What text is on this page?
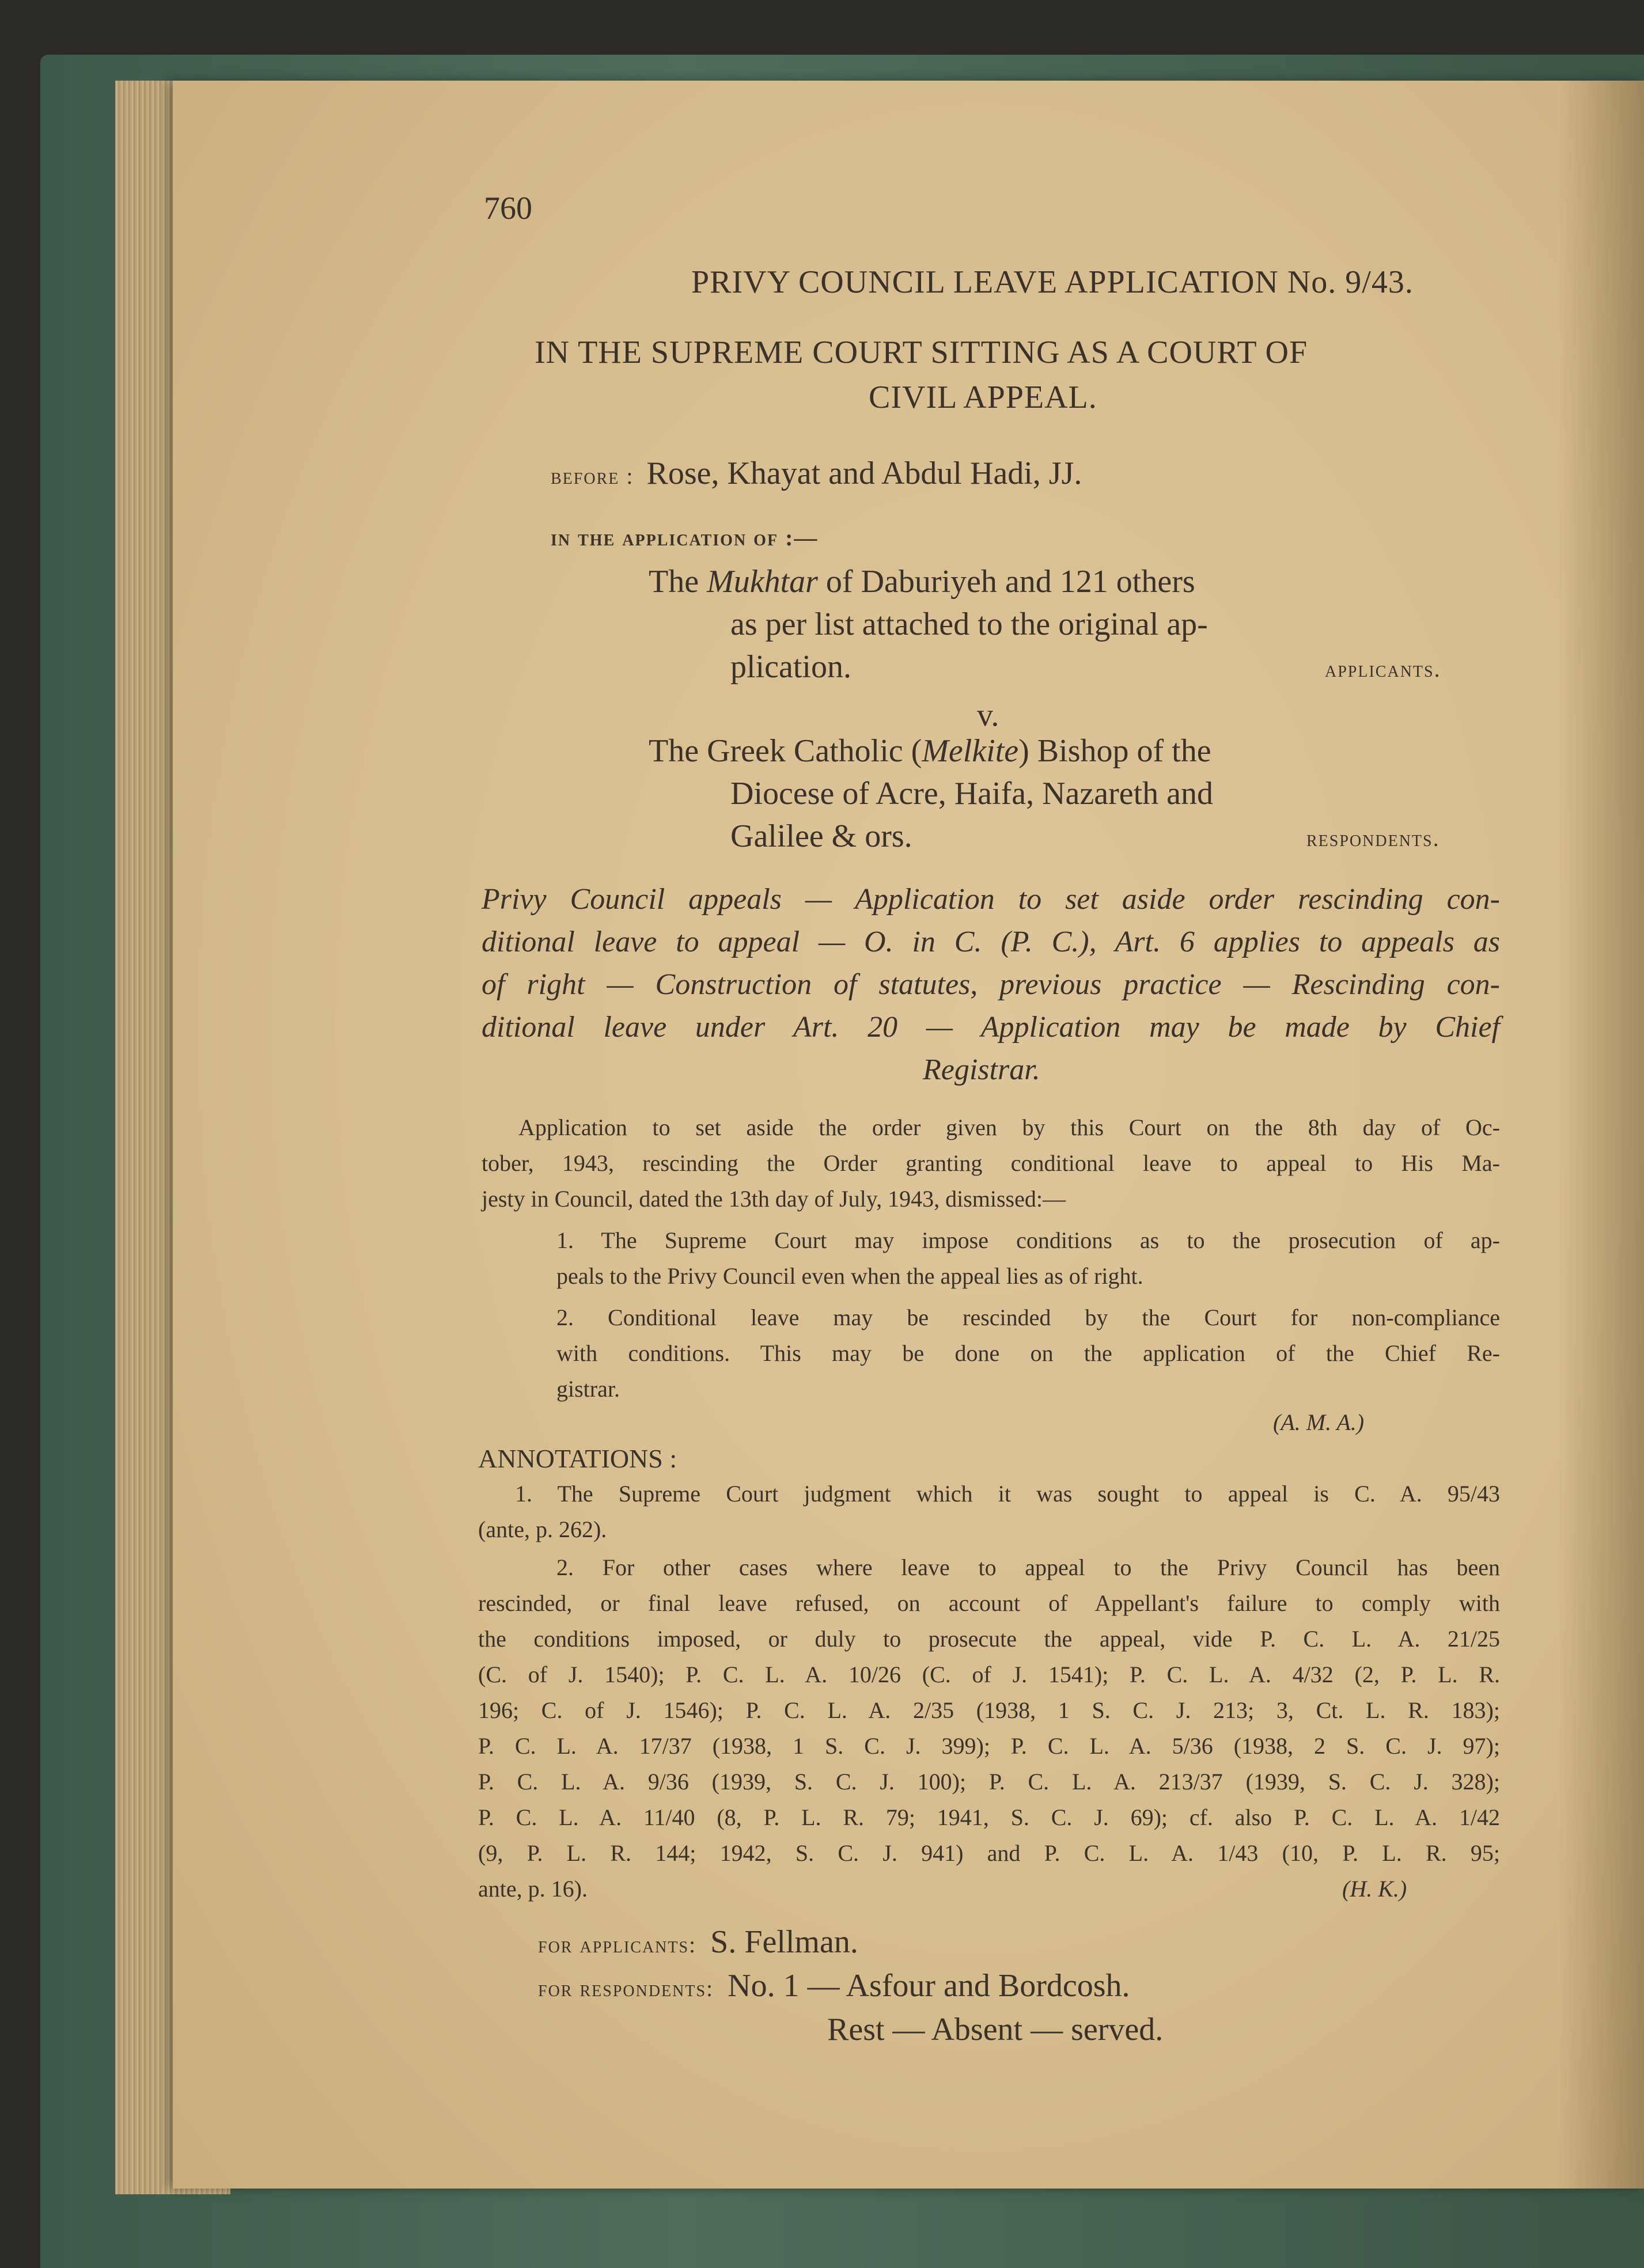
760
PRIVY COUNCIL LEAVE APPLICATION No. 9/43.
IN THE SUPREME COURT SITTING AS A COURT OF
CIVIL APPEAL.
before : Rose, Khayat and Abdul Hadi, JJ.
in the application of :—
The Mukhtar of Daburiyeh and 121 others
as per list attached to the original ap-
plication.	applicants.
v.
The Greek Catholic (Melkite) Bishop of the
Diocese of Acre, Haifa, Nazareth and
Galilee & ors.	respondents.
Privy Council appeals — Application to set aside order rescinding con-
ditional leave to appeal — O. in C. (P. C.), Art. 6 applies to appeals as
of right — Construction of statutes, previous practice — Rescinding con-
ditional leave under Art. 20 — Application may be made by Chief
Registrar.
Application to set aside the order given by this Court on the 8th day of Oc-
tober, 1943, rescinding the Order granting conditional leave to appeal to His Ma-
jesty in Council, dated the 13th day of July, 1943, dismissed:—
1. The Supreme Court may impose conditions as to the prosecution of ap-
peals to the Privy Council even when the appeal lies as of right.
2. Conditional leave may be rescinded by the Court for non-compliance
with conditions. This may be done on the application of the Chief Re-
gistrar.
(A. M. A.)
ANNOTATIONS :
1. The Supreme Court judgment which it was sought to appeal is C. A. 95/43
(ante, p. 262).
2. For other cases where leave to appeal to the Privy Council has been
rescinded, or final leave refused, on account of Appellant's failure to comply with
the conditions imposed, or duly to prosecute the appeal, vide P. C. L. A. 21/25
(C. of J. 1540); P. C. L. A. 10/26 (C. of J. 1541); P. C. L. A. 4/32 (2, P. L. R.
196; C. of J. 1546); P. C. L. A. 2/35 (1938, 1 S. C. J. 213; 3, Ct. L. R. 183);
P. C. L. A. 17/37 (1938, 1 S. C. J. 399); P. C. L. A. 5/36 (1938, 2 S. C. J. 97);
P. C. L. A. 9/36 (1939, S. C. J. 100); P. C. L. A. 213/37 (1939, S. C. J. 328);
P. C. L. A. 11/40 (8, P. L. R. 79; 1941, S. C. J. 69); cf. also P. C. L. A. 1/42
(9, P. L. R. 144; 1942, S. C. J. 941) and P. C. L. A. 1/43 (10, P. L. R. 95;
ante, p. 16).	(H. K.)
for applicants: S. Fellman.
for respondents: No. 1 — Asfour and Bordcosh.
Rest — Absent — served.
